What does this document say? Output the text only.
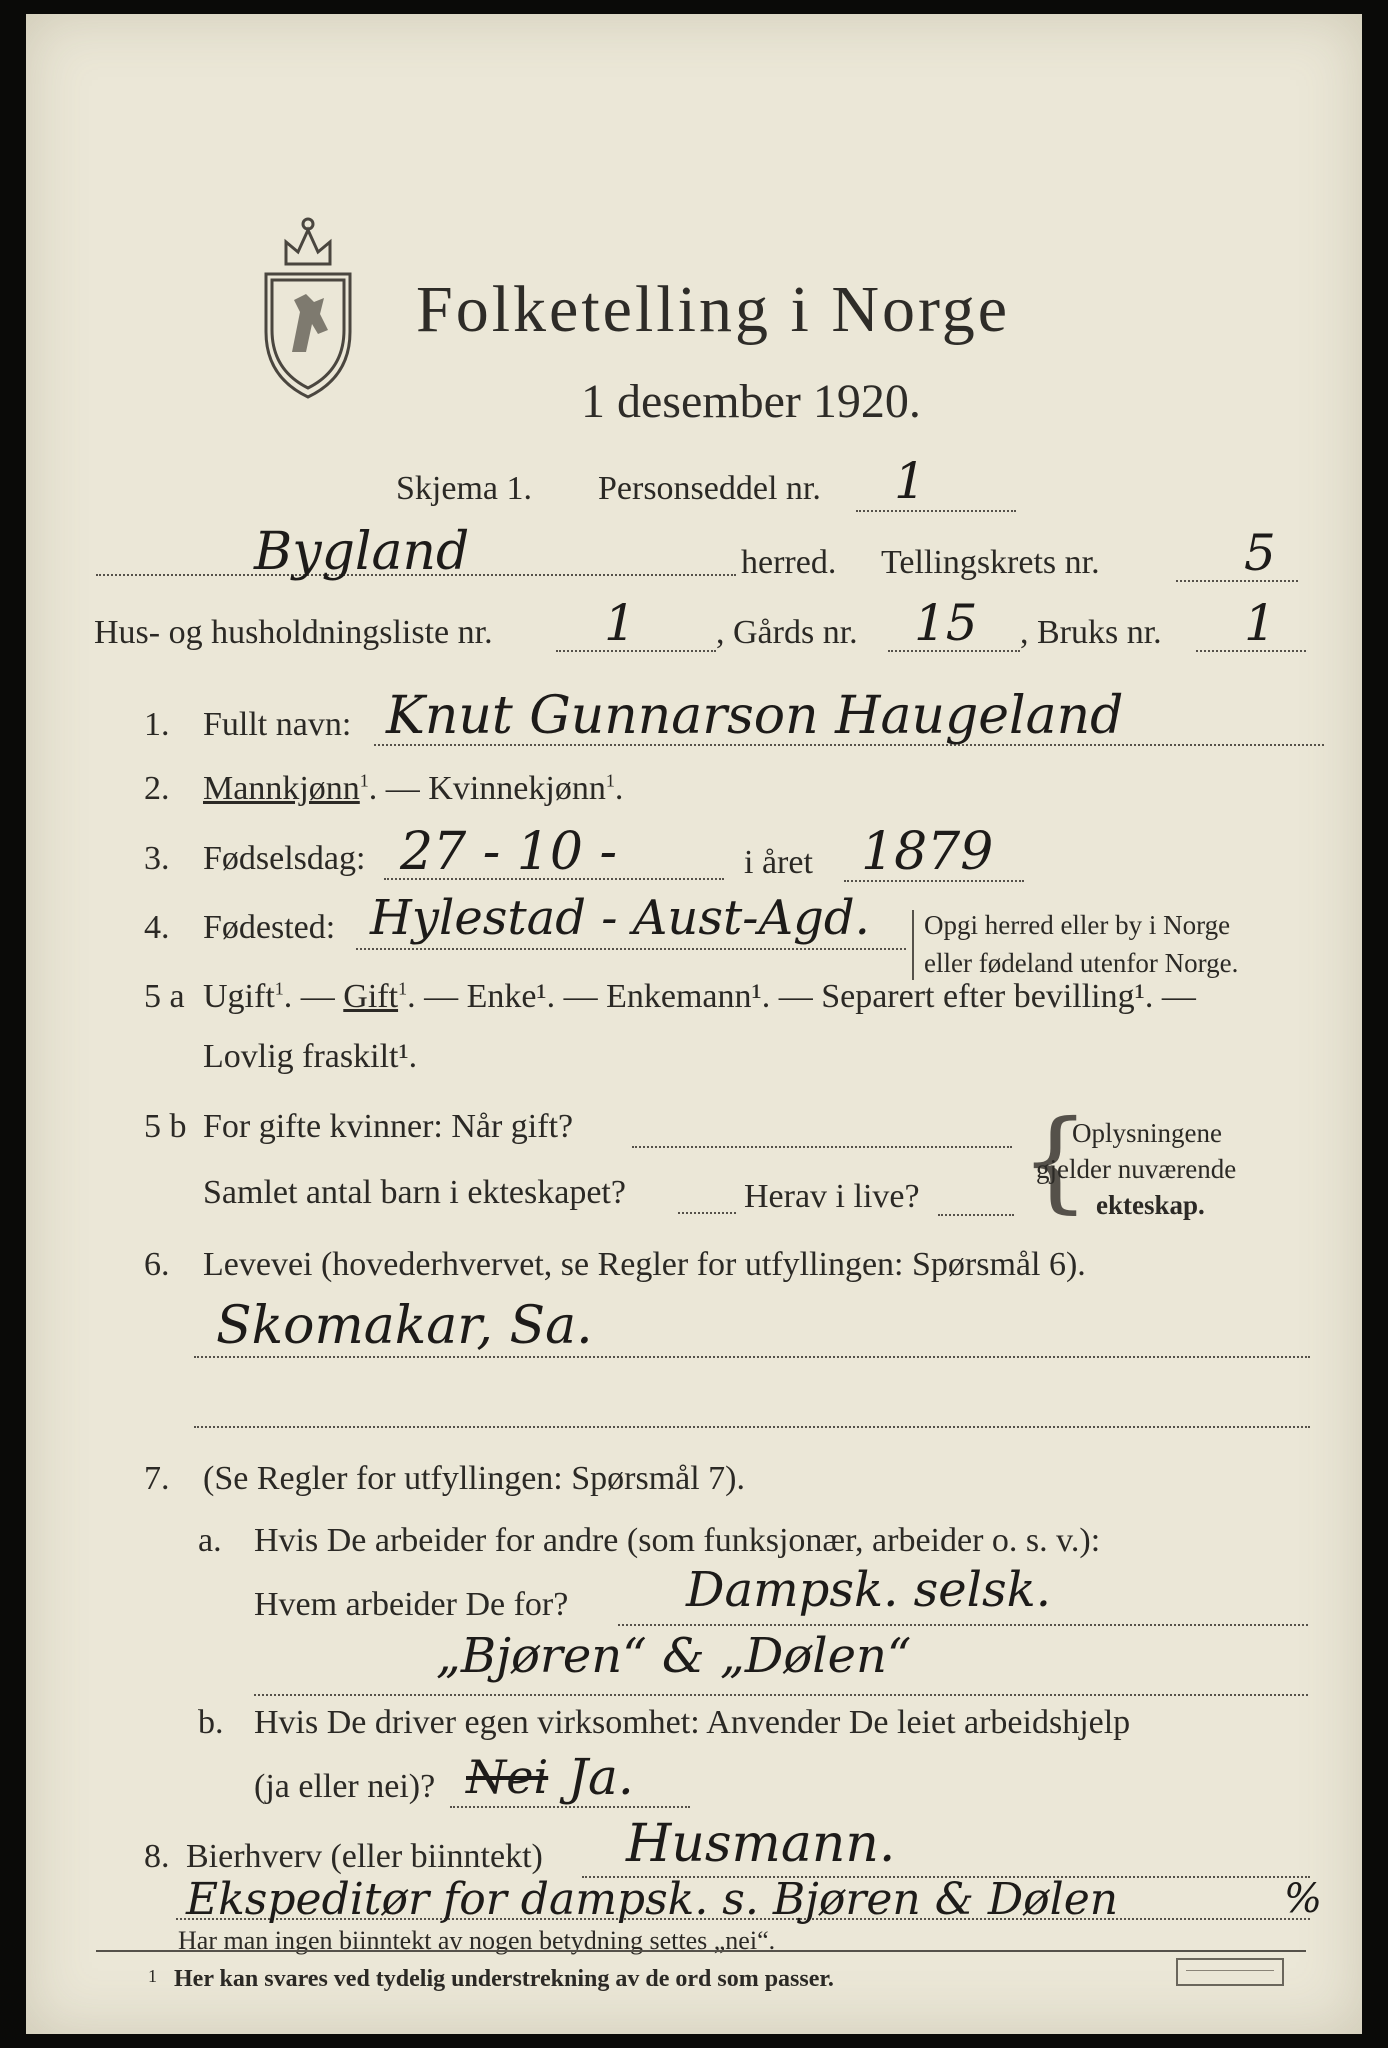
Folketelling i Norge
1 desember 1920.
Skjema 1. Personseddel nr. 1
Bygland	herred. Tellingskrets nr.	5
Hus- og husholdningsliste nr. 1 , Gårds nr. 15 , Bruks nr. 1
1. Fullt navn: Knut Gunnarson Haugeland
2. Mannkjønn$^1$. — Kvinnekjønn$^1$.
3. Fødselsdag: 27 - 10 -	i året 1879
4. Fødested: Hylestad - Aust-Agd. Opgi herred eller by i Norge
eller fødeland utenfor Norge.
5 a Ugift$^1$. — Gift$^1$. — Enke¹. — Enkemann¹. — Separert efter bevilling¹. —
Lovlig fraskilt¹.
5 b For gifte kvinner: Når gift?
Samlet antal barn i ekteskapet?	Herav i live? {
Oplysningene
gjelder nuværende
ekteskap.
6. Levevei (hovederhvervet, se Regler for utfyllingen: Spørsmål 6).
Skomakar, Sa.
7. (Se Regler for utfyllingen: Spørsmål 7).
a. Hvis De arbeider for andre (som funksjonær, arbeider o. s. v.):
Hvem arbeider De for? Dampsk. selsk.
„Bjøren“ & „Dølen“
b. Hvis De driver egen virksomhet: Anvender De leiet arbeidshjelp
(ja eller nei)? Nei Ja.
8. Bierhverv (eller biinntekt) Husmann.
Ekspeditør for dampsk. s. Bjøren & Dølen	%
Har man ingen biinntekt av nogen betydning settes „nei“.
1 Her kan svares ved tydelig understrekning av de ord som passer.
